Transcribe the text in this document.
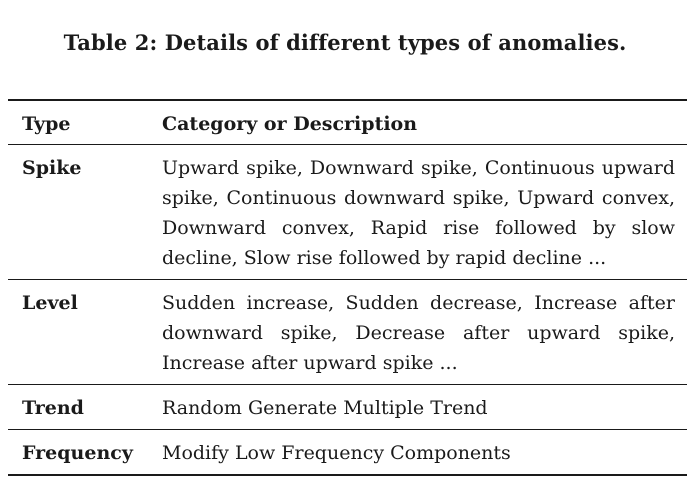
Table 2: Details of different types of anomalies.
Type	Category or Description
Spike	Upward spike, Downward spike, Continuous upward spike, Continuous downward spike, Upward convex, Downward convex, Rapid rise followed by slow decline, Slow rise followed by rapid decline ...
Level	Sudden increase, Sudden decrease, Increase after downward spike, Decrease after upward spike, Increase after upward spike ...
Trend	Random Generate Multiple Trend
Frequency	Modify Low Frequency Components
